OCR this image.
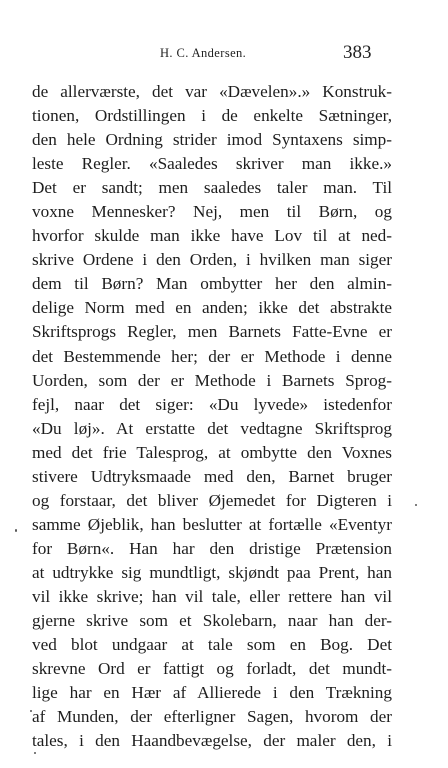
H. C. Andersen.	383
de allerværste, det var «Dævelen».» Konstruk-
tionen, Ordstillingen i de enkelte Sætninger,
den hele Ordning strider imod Syntaxens simp-
leste Regler. «Saaledes skriver man ikke.»
Det er sandt; men saaledes taler man. Til
voxne Mennesker? Nej, men til Børn, og
hvorfor skulde man ikke have Lov til at ned-
skrive Ordene i den Orden, i hvilken man siger
dem til Børn? Man ombytter her den almin-
delige Norm med en anden; ikke det abstrakte
Skriftsprogs Regler, men Barnets Fatte-Evne er
det Bestemmende her; der er Methode i denne
Uorden, som der er Methode i Barnets Sprog-
fejl, naar det siger: «Du lyvede» istedenfor
«Du løj». At erstatte det vedtagne Skriftsprog
med det frie Talesprog, at ombytte den Voxnes
stivere Udtryksmaade med den, Barnet bruger
og forstaar, det bliver Øjemedet for Digteren i
samme Øjeblik, han beslutter at fortælle «Eventyr
for Børn«. Han har den dristige Prætension
at udtrykke sig mundtligt, skjøndt paa Prent, han
vil ikke skrive; han vil tale, eller rettere han vil
gjerne skrive som et Skolebarn, naar han der-
ved blot undgaar at tale som en Bog. Det
skrevne Ord er fattigt og forladt, det mundt-
lige har en Hær af Allierede i den Trækning
af Munden, der efterligner Sagen, hvorom der
tales, i den Haandbevægelse, der maler den, i
